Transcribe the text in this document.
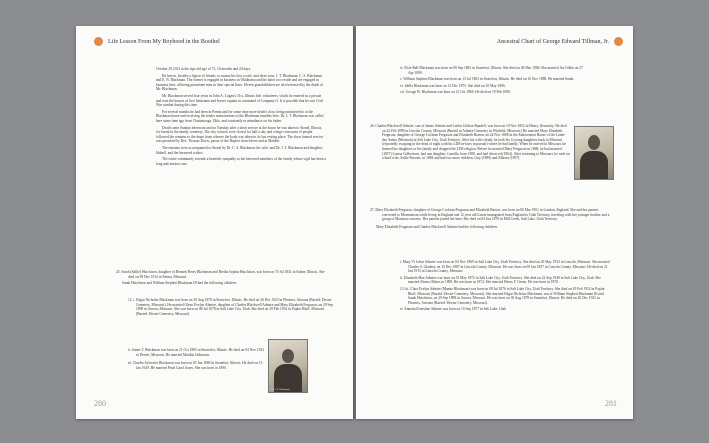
Life Lesson From My Boyhood in the Boothel

October 29,1913 at the ripe old age of 73, 10 months and 24 days.

He leaves, besides a legion of friends, to mourn his loss a wife, and three sons, J. T. Blackman, C. S. Blackman and E. N. Blackman. The former is engaged in business in Oklahoma and the latter two reside and are engaged in business here, all being prominent men in their special lines. Eleven grandchildren are also bereaved by the death of Mr. Blackman.

Mr. Blackman served four years in John A. Logan's 31st, Illinois Infr. volunteers, which he entered as a private and won the honors of first lieutenant and brevet captain in command of Company G. It is possible that he saw Civil War combat during this time.

For several months he had been in Parma and for some time more death's door, being ministered to at the Blackman home and receiving the tender ministrations of the Blackman families here. Dr. J. T. Blackman was called here some time ago from Chattanooga, Okla. and constantly in attendance on his father.

Death came Sunday afternoon and on Tuesday after a short service at the house he was taken to Stonel, Illinois, for burial in the family cemetery. The city schools were closed for half a day and a large concourse of people followed the remains to the depot from whence the body was taken to its last resting place. The short funeral service was preached by Rev. Thomas Davis, pastor of the Baptist church here and at Malden.

The remains were accompanied to Stonel by Dr. C. S. Blackman, his wife, and Dr. J. T. Blackman and daughter, Idabell, and the bereaved widow.

The entire community extends a heartfelt sympathy to the bereaved members of the family whose vigil has been a long and anxious one.

25. Sarah (Sallie) Hutchison, daughter of Bennett Berry Blackman and Bertha Sophia Hutchison, was born on 19 Jul 1841 in Saline, Illinois. She died on 09 Dec 1914 in Parma, Missouri.

Sarah Hutchison and William Stephen Blackman III had the following children:

12. i. Edgar Nicholas Blackman was born on 30 Aug 1878 in Stonefort, Illinois. He died on 26 Dec 1923 in Phoenix, Arizona (Buried: Dexter Cemetery, Missouri). He married Gleno Evelyn Admire, daughter of Charles Blackwell Admire and Mary Elizabeth Ferguson, on 29 Sep 1898 in Aurora, Missouri. She was born on 08 Jul 1878 in Salt Lake City, Utah. She died on 29 Feb 1952 in Poplar Bluff, Missouri (Buried: Dexter Cemetery, Missouri).

ii. James T. Blackman was born on 21 Oct 1865 in Stonefort, Illinois. He died on 04 Nov 1923 in Dexter, Missouri. He married Matilda Unknown.

iii. Charles Sylvester Blackman was born on 03 Jun 1869 in Stonefort, Illinois. He died on 15 Jan 1929. He married Pearl Carol Jones. She was born in 1890.

Dr. J. T. Blackman
280
Ancestral Chart of George Edward Tillman, Jr.

iv. Elsie Bell Blackman was born on 09 Sep 1881 in Stonefort, Illinois. She died on 06 Mar 1906. She married Joe Gibbs on 27 Apr 1899.

v. William Stephen Blackman was born on 13 Jul 1863 in Stonefort, Illinois. He died on 16 Nov 1888. He married Sarah.

vi. Idella Blackman was born on 13 Dec 1875. She died on 10 May 1896.

vii. George W. Blackman was born on 21 Oct 1866. He died on 19 Feb 1890.

26. Charles Blackwell Admire, son of James Admire and Letitia Chilton Randell, was born on 10 Nov 1852 in Henry, Kentucky. He died on 22 Feb 1899 in Lincoln County, Missouri (Buried in Admire Cemetery in Winfield, Missouri.) He married Mary Elizabeth Ferguson, daughter of George Cochran Ferguson and Elizabeth Barton, on 24 Nov 1868 in the Endowment House of the Latter-day Saints (Mormon) in Salt Lake City, Utah Territory. After his wife's death, he took his 4 young daughters back to Missouri (reportedly escaping in the dead of night with his LDS in-laws in pursuit) where he had family. When he arrived in Missouri, he learned his daughters or his family and dropped the LDS religion. Before he married Mary Ferguson in 1868, he had married (1857) Louisa Culbertson, had one daughter, Camilla, born 1858, and had divorced (1864). After returning to Missouri, he took on a third wife, Sallie Parsons, in 1884 and had two more children, Guy (1890) and Alberta (1897).

27. Mary Elizabeth Ferguson, daughter of George Cochran Ferguson and Elizabeth Barton, was born on 06 Mar 1851 in London, England. She and her parents converted to Mormonism while living in England and 12 year old Lizzie immigrated from England to Utah Territory, traveling with her younger brother and a group of Mormon converts. Her parents joined her later. She died on 04 Jun 1878 in Mill Creek, Salt Lake, Utah Territory.

Mary Elizabeth Ferguson and Charles Blackwell Admire had the following children:

i. Mary Vi Lettie Admire was born on 04 Nov 1869 in Salt Lake City, Utah Territory. She died on 20 May 1933 in Lincoln, Missouri. She married Charles S. Gladney on 10 Dec 1887 in Lincoln County, Missouri. He was born on 09 Jan 1857 in Lincoln County, Missouri. He died on 21 Jan 1915 in Lincoln County, Missouri.

ii. Elizabeth Mae Admire was born on 01 May 1872 in Salt Lake City, Utah Territory. She died on 22 Sep 1949 in Salt Lake City, Utah. She married Alonzo Mains in 1899. He was born in 1874. She married Henry F. Green. He was born in 1870.

13. iii. Clara Evelyn Admire (Mamie Blackman) was born on 08 Jul 1876 in Salt Lake City, Utah Territory. She died on 29 Feb 1952 in Poplar Bluff, Missouri (Buried: Dexter Cemetery, Missouri). She married Edgar Nicholas Blackman, son of William Stephen Blackman III and Sarah Hutchison, on 29 Sep 1898 in Aurora, Missouri. He was born on 30 Aug 1878 in Stonefort, Illinois. He died on 26 Dec 1923 in Phoenix, Arizona (Buried: Dexter Cemetery, Missouri).

iv. Annetta Ernestine Admire was born on 15 Sep 1877 in Salt Lake, Utah

281
